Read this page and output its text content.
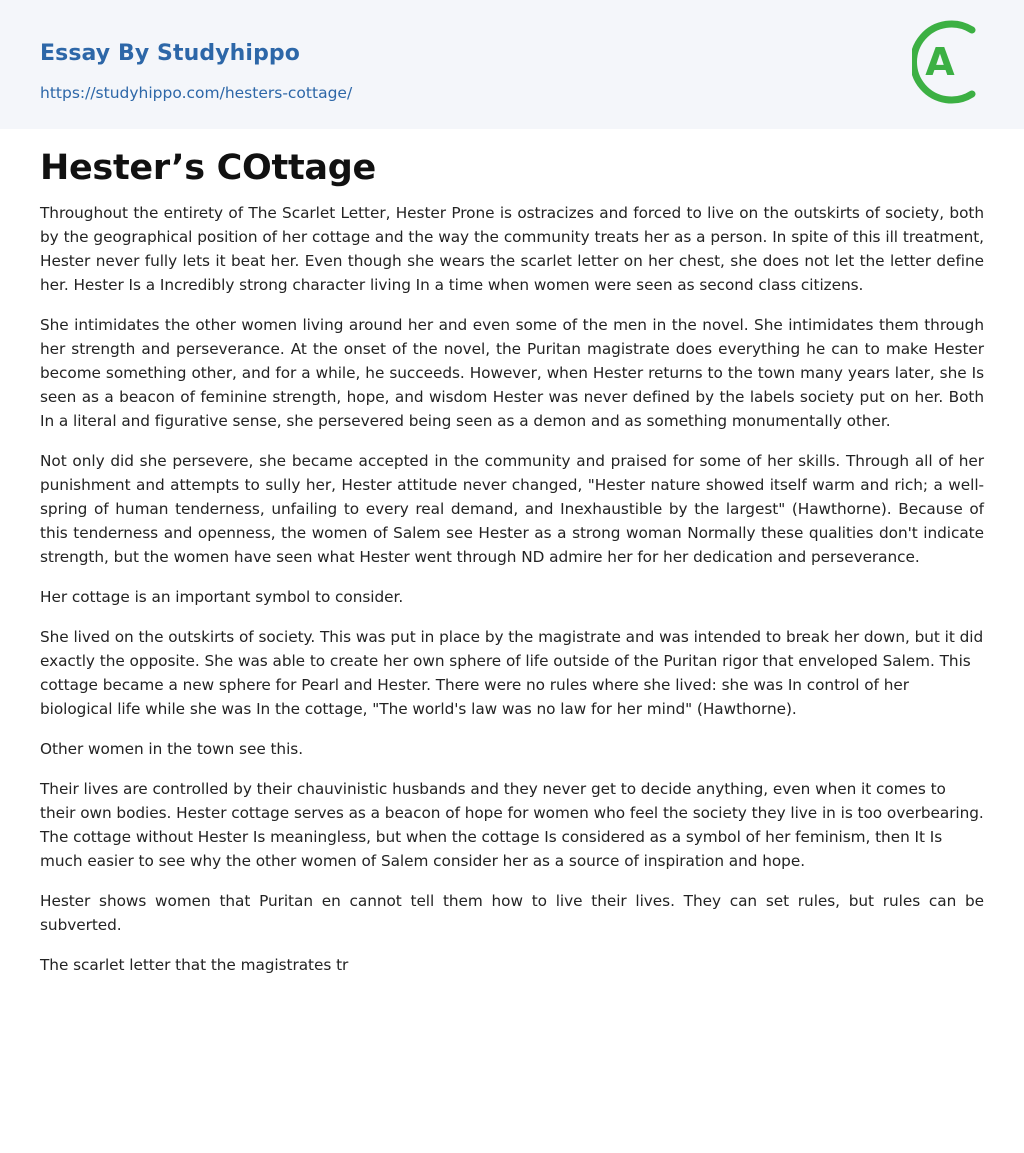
Essay By Studyhippo
https://studyhippo.com/hesters-cottage/
A
Hester’s COttage

Throughout the entirety of The Scarlet Letter, Hester Prone is ostracizes and forced to live on the outskirts of society, both by the geographical position of her cottage and the way the community treats her as a person. In spite of this ill treatment, Hester never fully lets it beat her. Even though she wears the scarlet letter on her chest, she does not let the letter define her. Hester Is a Incredibly strong character living In a time when women were seen as second class citizens.

She intimidates the other women living around her and even some of the men in the novel. She intimidates them through her strength and perseverance. At the onset of the novel, the Puritan magistrate does everything he can to make Hester become something other, and for a while, he succeeds. However, when Hester returns to the town many years later, she Is seen as a beacon of feminine strength, hope, and wisdom Hester was never defined by the labels society put on her. Both In a literal and figurative sense, she persevered being seen as a demon and as something monumentally other.

Not only did she persevere, she became accepted in the community and praised for some of her skills. Through all of her punishment and attempts to sully her, Hester attitude never changed, "Hester nature showed itself warm and rich; a well-spring of human tenderness, unfailing to every real demand, and Inexhaustible by the largest" (Hawthorne). Because of this tenderness and openness, the women of Salem see Hester as a strong woman Normally these qualities don't indicate strength, but the women have seen what Hester went through ND admire her for her dedication and perseverance.

Her cottage is an important symbol to consider.

She lived on the outskirts of society. This was put in place by the magistrate and was intended to break her down, but it did exactly the opposite. She was able to create her own sphere of life outside of the Puritan rigor that enveloped Salem. This cottage became a new sphere for Pearl and Hester. There were no rules where she lived: she was In control of her biological life while she was In the cottage, "The world's law was no law for her mind" (Hawthorne).

Other women in the town see this.

Their lives are controlled by their chauvinistic husbands and they never get to decide anything, even when it comes to their own bodies. Hester cottage serves as a beacon of hope for women who feel the society they live in is too overbearing. The cottage without Hester Is meaningless, but when the cottage Is considered as a symbol of her feminism, then It Is much easier to see why the other women of Salem consider her as a source of inspiration and hope.

Hester shows women that Puritan en cannot tell them how to live their lives. They can set rules, but rules can be subverted.

The scarlet letter that the magistrates tr
